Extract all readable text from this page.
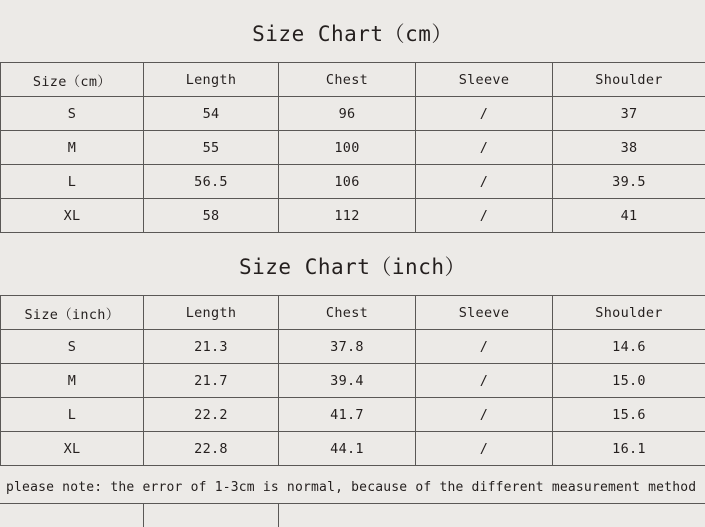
Size Chart（cm）
Size（cm）	Length	Chest	Sleeve	Shoulder
S	54	96	/	37
M	55	100	/	38
L	56.5	106	/	39.5
XL	58	112	/	41
Size Chart（inch）
Size（inch）	Length	Chest	Sleeve	Shoulder
S	21.3	37.8	/	14.6
M	21.7	39.4	/	15.0
L	22.2	41.7	/	15.6
XL	22.8	44.1	/	16.1
please note: the error of 1-3cm is normal, because of the different measurement method
